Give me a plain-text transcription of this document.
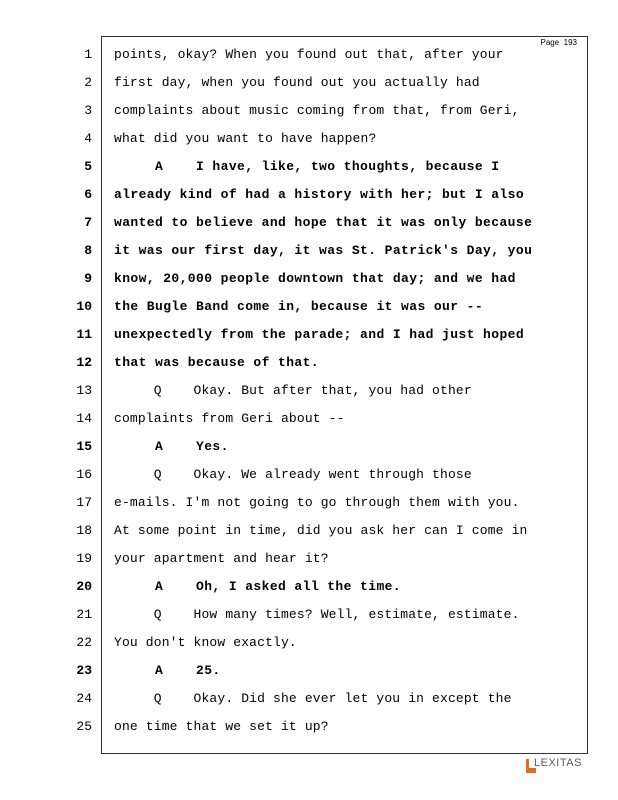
Page 193
1 points, okay? When you found out that, after your
2 first day, when you found out you actually had
3 complaints about music coming from that, from Geri,
4 what did you want to have happen?
5 A    I have, like, two thoughts, because I
6 already kind of had a history with her; but I also
7 wanted to believe and hope that it was only because
8 it was our first day, it was St. Patrick's Day, you
9 know, 20,000 people downtown that day; and we had
10 the Bugle Band come in, because it was our --
11 unexpectedly from the parade; and I had just hoped
12 that was because of that.
13 Q    Okay. But after that, you had other
14 complaints from Geri about --
15 A    Yes.
16 Q    Okay. We already went through those
17 e-mails. I'm not going to go through them with you.
18 At some point in time, did you ask her can I come in
19 your apartment and hear it?
20 A    Oh, I asked all the time.
21 Q    How many times? Well, estimate, estimate.
22 You don't know exactly.
23 A    25.
24 Q    Okay. Did she ever let you in except the
25 one time that we set it up?
LEXITAS
